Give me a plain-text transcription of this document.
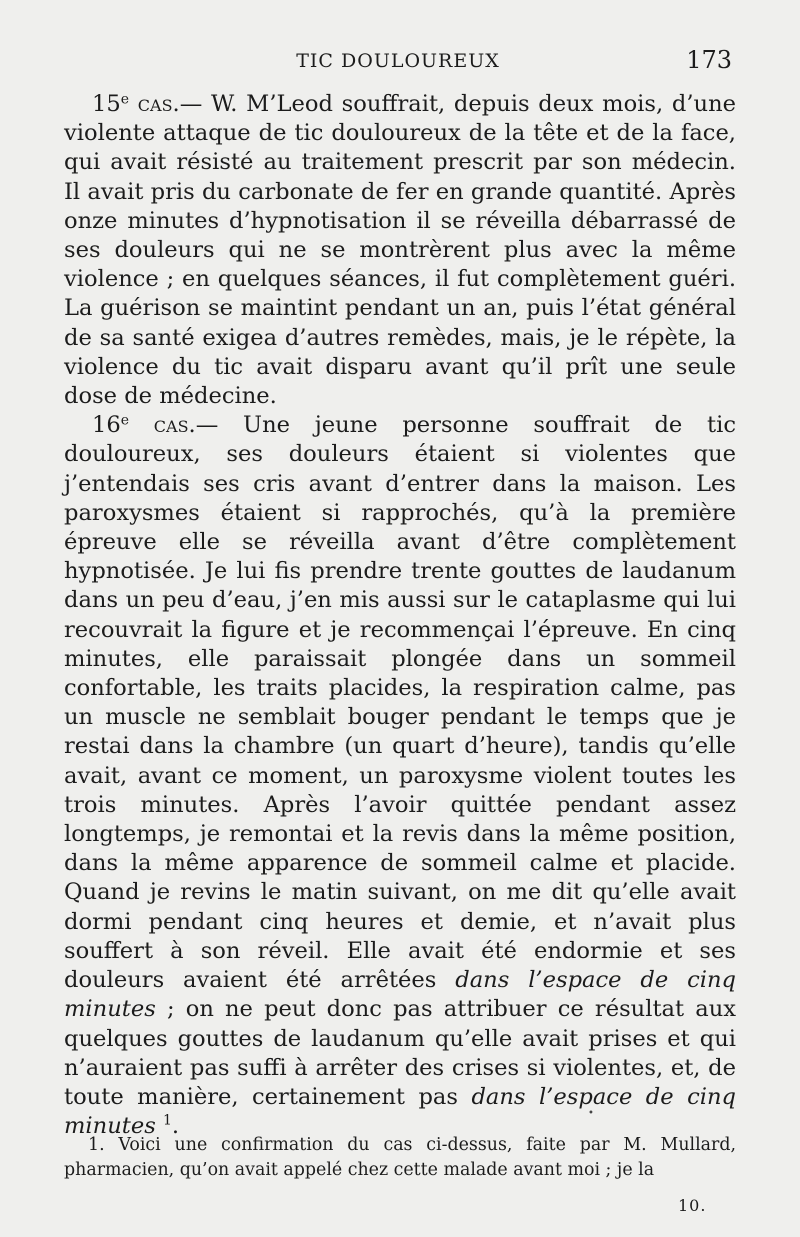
TIC DOULOUREUX	173

15e cas.— W. M’Leod souffrait, depuis deux mois, d’une violente attaque de tic douloureux de la tête et de la face, qui avait résisté au traitement prescrit par son médecin. Il avait pris du carbonate de fer en grande quantité. Après onze minutes d’hypnotisation il se réveilla débarrassé de ses douleurs qui ne se montrèrent plus avec la même violence ; en quelques séances, il fut complètement guéri. La guérison se maintint pendant un an, puis l’état général de sa santé exigea d’autres remèdes, mais, je le répète, la violence du tic avait disparu avant qu’il prît une seule dose de médecine.

16e cas.— Une jeune personne souffrait de tic douloureux, ses douleurs étaient si violentes que j’entendais ses cris avant d’entrer dans la maison. Les paroxysmes étaient si rapprochés, qu’à la première épreuve elle se réveilla avant d’être complètement hypnotisée. Je lui fis prendre trente gouttes de laudanum dans un peu d’eau, j’en mis aussi sur le cataplasme qui lui recouvrait la figure et je recommençai l’épreuve. En cinq minutes, elle paraissait plongée dans un sommeil confortable, les traits placides, la respiration calme, pas un muscle ne semblait bouger pendant le temps que je restai dans la chambre (un quart d’heure), tandis qu’elle avait, avant ce moment, un paroxysme violent toutes les trois minutes. Après l’avoir quittée pendant assez longtemps, je remontai et la revis dans la même position, dans la même apparence de sommeil calme et placide. Quand je revins le matin suivant, on me dit qu’elle avait dormi pendant cinq heures et demie, et n’avait plus souffert à son réveil. Elle avait été endormie et ses douleurs avaient été arrêtées dans l’espace de cinq minutes ; on ne peut donc pas attribuer ce résultat aux quelques gouttes de laudanum qu’elle avait prises et qui n’auraient pas suffi à arrêter des crises si violentes, et, de toute manière, certainement pas dans l’espace de cinq minutes $^1$.	•

1. Voici une confirmation du cas ci-dessus, faite par M. Mullard, pharmacien, qu’on avait appelé chez cette malade avant moi ; je la

10.
